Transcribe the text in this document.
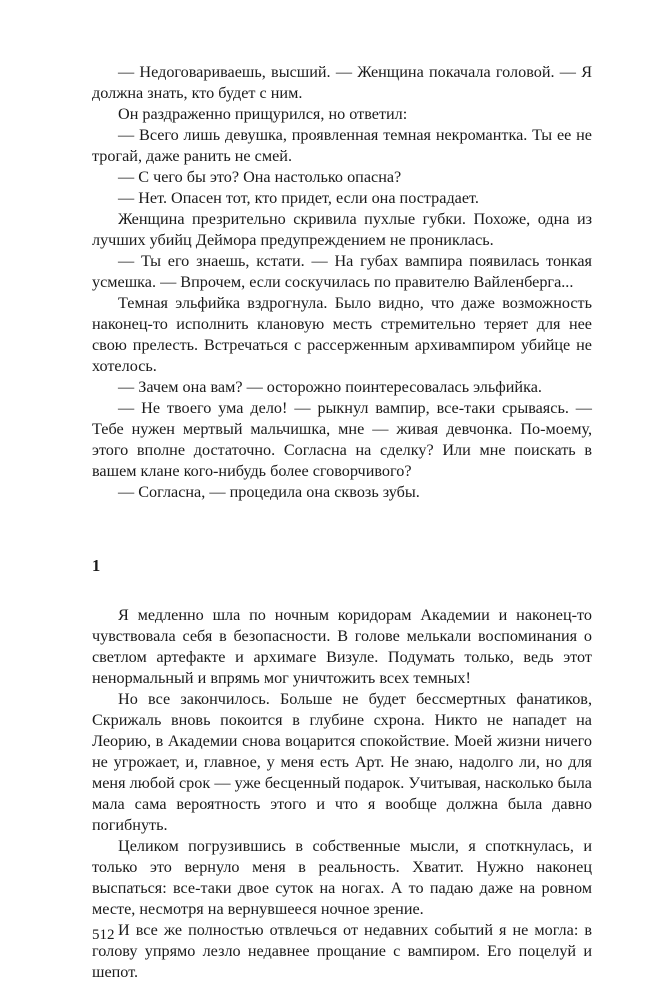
— Недоговариваешь, высший. — Женщина покачала головой. — Я должна знать, кто будет с ним.

Он раздраженно прищурился, но ответил:

— Всего лишь девушка, проявленная темная некромантка. Ты ее не трогай, даже ранить не смей.

— С чего бы это? Она настолько опасна?

— Нет. Опасен тот, кто придет, если она пострадает.

Женщина презрительно скривила пухлые губки. Похоже, одна из лучших убийц Деймора предупреждением не прониклась.

— Ты его знаешь, кстати. — На губах вампира появилась тонкая усмешка. — Впрочем, если соскучилась по правителю Вайленберга...

Темная эльфийка вздрогнула. Было видно, что даже возможность наконец-то исполнить клановую месть стремительно теряет для нее свою прелесть. Встречаться с рассерженным архивампиром убийце не хотелось.

— Зачем она вам? — осторожно поинтересовалась эльфийка.

— Не твоего ума дело! — рыкнул вампир, все-таки срываясь. — Тебе нужен мертвый мальчишка, мне — живая девчонка. По-моему, этого вполне достаточно. Согласна на сделку? Или мне поискать в вашем клане кого-нибудь более сговорчивого?

— Согласна, — процедила она сквозь зубы.

1

Я медленно шла по ночным коридорам Академии и наконец-то чувствовала себя в безопасности. В голове мелькали воспоминания о светлом артефакте и архимаге Визуле. Подумать только, ведь этот ненормальный и впрямь мог уничтожить всех темных!

Но все закончилось. Больше не будет бессмертных фанатиков, Скрижаль вновь покоится в глубине схрона. Никто не нападет на Леорию, в Академии снова воцарится спокойствие. Моей жизни ничего не угрожает, и, главное, у меня есть Арт. Не знаю, надолго ли, но для меня любой срок — уже бесценный подарок. Учитывая, насколько была мала сама вероятность этого и что я вообще должна была давно погибнуть.

Целиком погрузившись в собственные мысли, я споткнулась, и только это вернуло меня в реальность. Хватит. Нужно наконец выспаться: все-таки двое суток на ногах. А то падаю даже на ровном месте, несмотря на вернувшееся ночное зрение.

И все же полностью отвлечься от недавних событий я не могла: в голову упрямо лезло недавнее прощание с вампиром. Его поцелуй и шепот.

512
